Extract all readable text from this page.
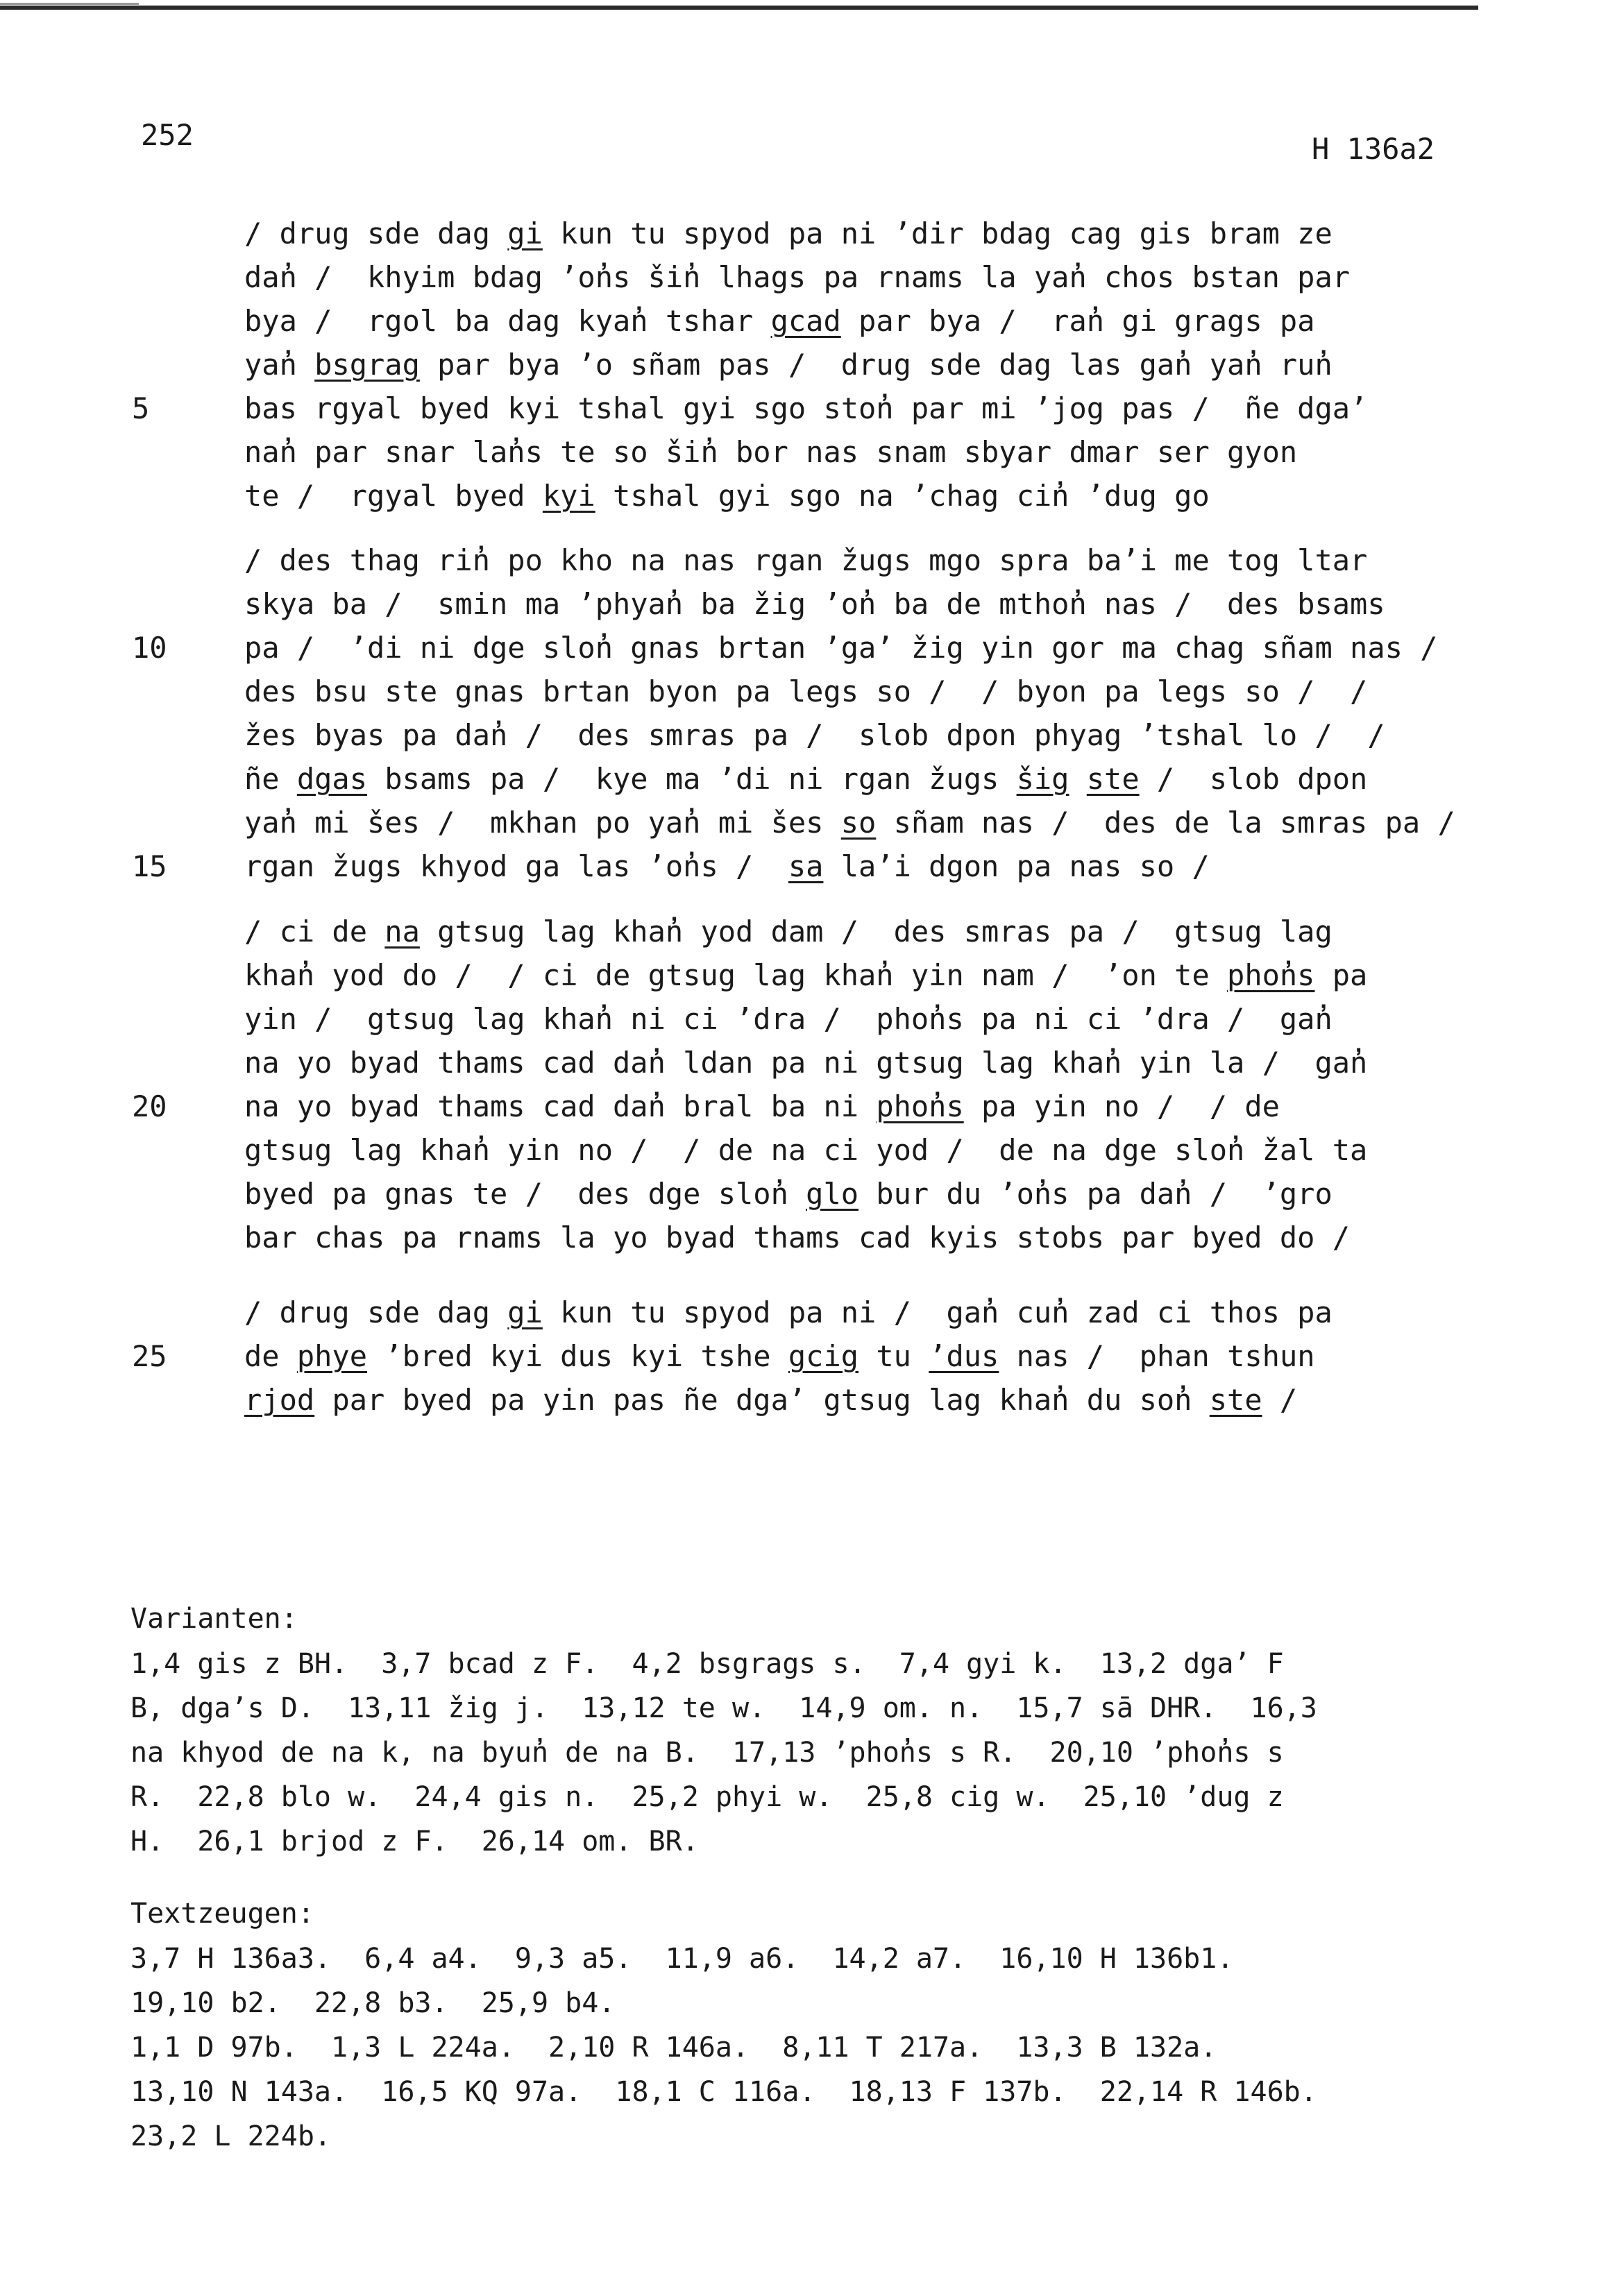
252	H 136a2
/ drug sde dag gi kun tu spyod pa ni ’dir bdag cag gis bram ze
dan̓ /  khyim bdag ’on̓s šin̓ lhags pa rnams la yan̓ chos bstan par
bya /  rgol ba dag kyan̓ tshar gcad par bya /  ran̓ gi grags pa
yan̓ bsgrag par bya ’o sñam pas /  drug sde dag las gan̓ yan̓ run̓
5	bas rgyal byed kyi tshal gyi sgo ston̓ par mi ’jog pas /  ñe dga’
nan̓ par snar lan̓s te so šin̓ bor nas snam sbyar dmar ser gyon
te /  rgyal byed kyi tshal gyi sgo na ’chag cin̓ ’dug go
/ des thag rin̓ po kho na nas rgan žugs mgo spra ba’i me tog ltar
skya ba /  smin ma ’phyan̓ ba žig ’on̓ ba de mthon̓ nas /  des bsams
10	pa /  ’di ni dge slon̓ gnas brtan ’ga’ žig yin gor ma chag sñam nas /
des bsu ste gnas brtan byon pa legs so /  / byon pa legs so /  /
žes byas pa dan̓ /  des smras pa /  slob dpon phyag ’tshal lo /  /
ñe dgas bsams pa /  kye ma ’di ni rgan žugs šig ste /  slob dpon
yan̓ mi šes /  mkhan po yan̓ mi šes so sñam nas /  des de la smras pa /
15	rgan žugs khyod ga las ’on̓s /  sa la’i dgon pa nas so /
/ ci de na gtsug lag khan̓ yod dam /  des smras pa /  gtsug lag
khan̓ yod do /  / ci de gtsug lag khan̓ yin nam /  ’on te phon̓s pa
yin /  gtsug lag khan̓ ni ci ’dra /  phon̓s pa ni ci ’dra /  gan̓
na yo byad thams cad dan̓ ldan pa ni gtsug lag khan̓ yin la /  gan̓
20	na yo byad thams cad dan̓ bral ba ni phon̓s pa yin no /  / de
gtsug lag khan̓ yin no /  / de na ci yod /  de na dge slon̓ žal ta
byed pa gnas te /  des dge slon̓ glo bur du ’on̓s pa dan̓ /  ’gro
bar chas pa rnams la yo byad thams cad kyis stobs par byed do /
/ drug sde dag gi kun tu spyod pa ni /  gan̓ cun̓ zad ci thos pa
25	de phye ’bred kyi dus kyi tshe gcig tu ’dus nas /  phan tshun
rjod par byed pa yin pas ñe dga’ gtsug lag khan̓ du son̓ ste /
Varianten:
1,4 gis z BH.  3,7 bcad z F.  4,2 bsgrags s.  7,4 gyi k.  13,2 dga’ F
B, dga’s D.  13,11 žig j.  13,12 te w.  14,9 om. n.  15,7 sā DHR.  16,3
na khyod de na k, na byun̓ de na B.  17,13 ’phon̓s s R.  20,10 ’phon̓s s
R.  22,8 blo w.  24,4 gis n.  25,2 phyi w.  25,8 cig w.  25,10 ’dug z
H.  26,1 brjod z F.  26,14 om. BR.
Textzeugen:
3,7 H 136a3.  6,4 a4.  9,3 a5.  11,9 a6.  14,2 a7.  16,10 H 136b1.
19,10 b2.  22,8 b3.  25,9 b4.
1,1 D 97b.  1,3 L 224a.  2,10 R 146a.  8,11 T 217a.  13,3 B 132a.
13,10 N 143a.  16,5 KQ 97a.  18,1 C 116a.  18,13 F 137b.  22,14 R 146b.
23,2 L 224b.
